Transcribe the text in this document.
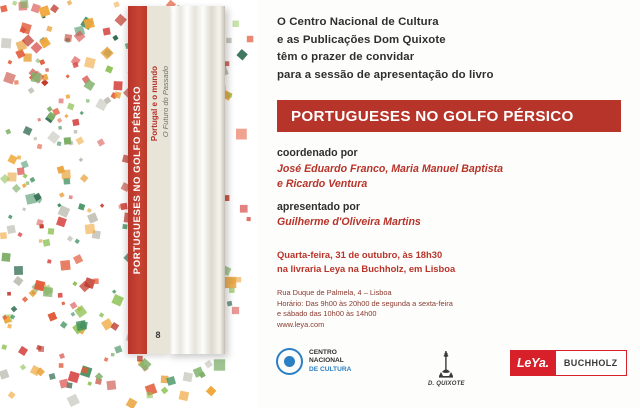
PORTUGUESES NO GOLFO PÉRSICO Portugal e o mundo O Futuro do Passado
8
O Centro Nacional de Cultura
e as Publicações Dom Quixote
têm o prazer de convidar
para a sessão de apresentação do livro
PORTUGUESES NO GOLFO PÉRSICO
coordenado por
José Eduardo Franco, Maria Manuel Baptista
e Ricardo Ventura
apresentado por
Guilherme d'Oliveira Martins
Quarta-feira, 31 de outubro, às 18h30
na livraria Leya na Buchholz, em Lisboa
Rua Duque de Palmela, 4 – Lisboa
Horário: Das 9h00 às 20h00 de segunda a sexta-feira
e sábado das 10h00 às 14h00
www.leya.com
CENTRO
NACIONAL
DE CULTURA
D. QUIXOTE
LeYa.	BUCHHOLZ
